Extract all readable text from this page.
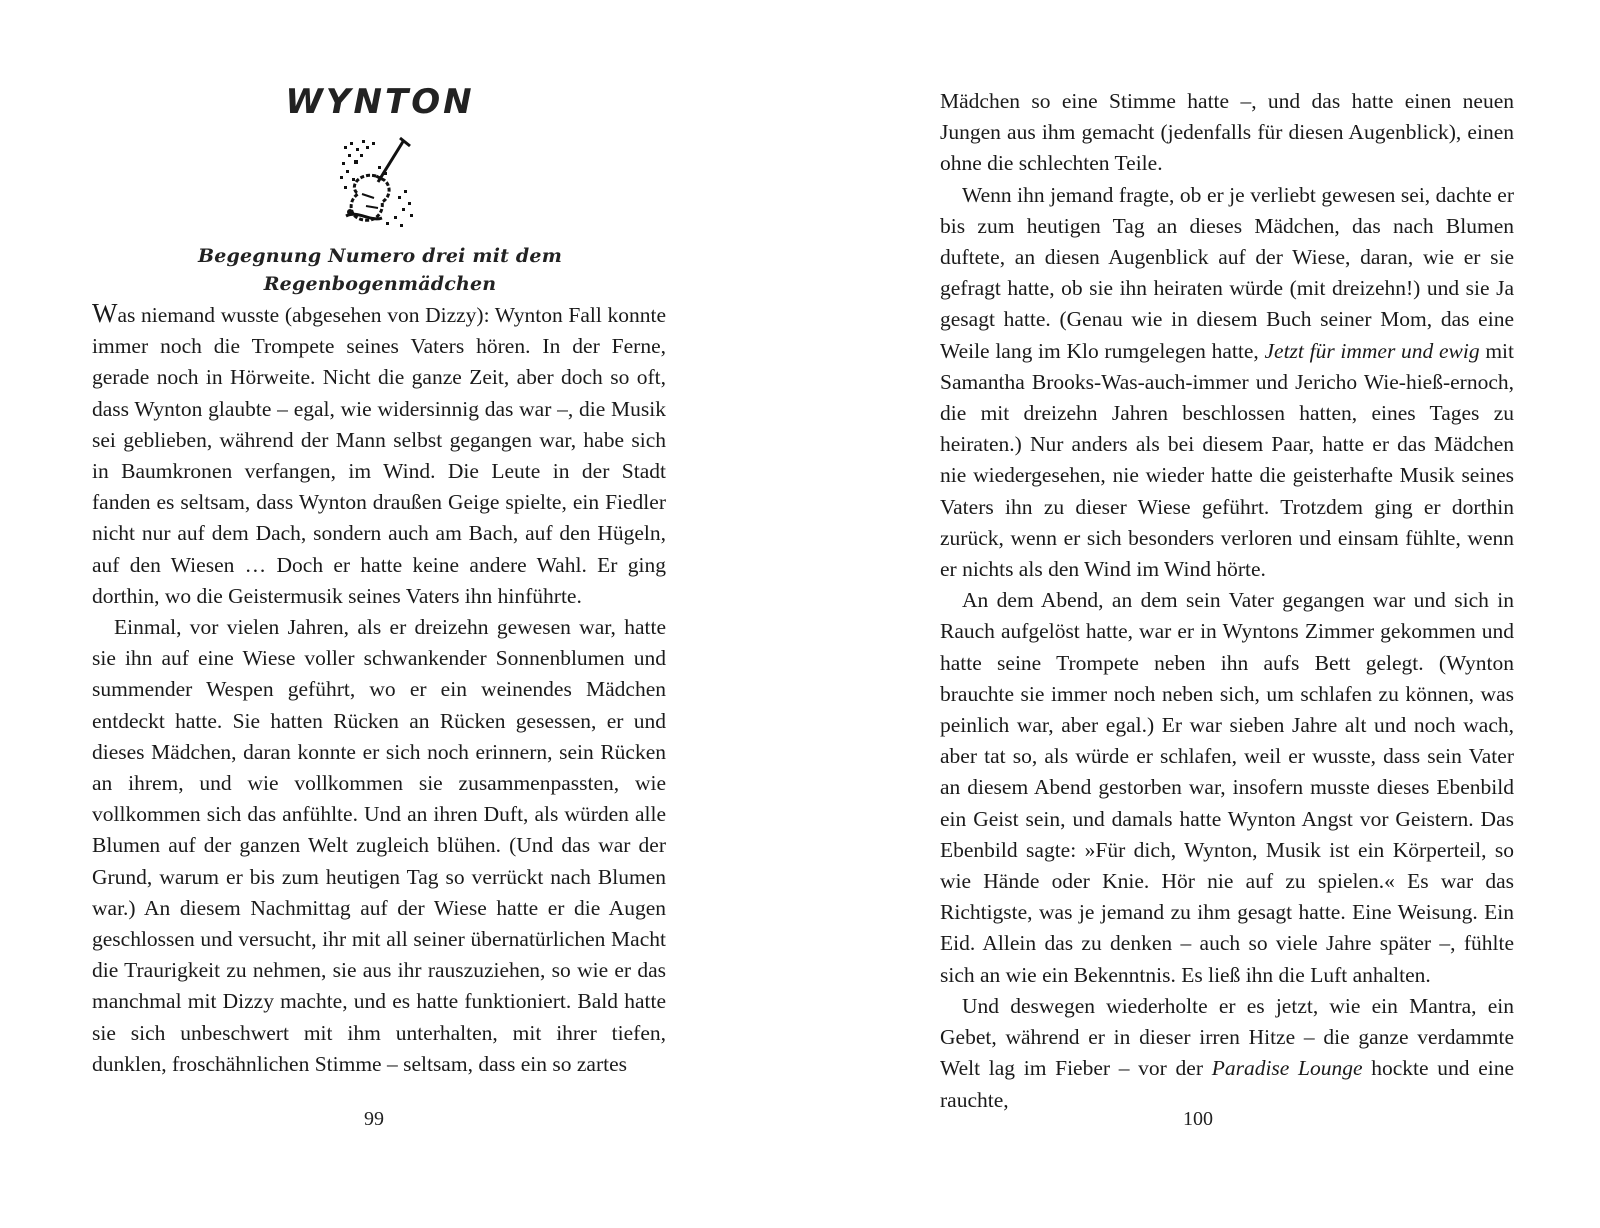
WYNTON
Begegnung Numero drei mit dem Regenbogenmädchen

Was niemand wusste (abgesehen von Dizzy): Wynton Fall konnte immer noch die Trompete seines Vaters hören. In der Ferne, gerade noch in Hörweite. Nicht die ganze Zeit, aber doch so oft, dass Wynton glaubte – egal, wie widersinnig das war –, die Musik sei geblieben, während der Mann selbst gegangen war, habe sich in Baumkronen verfangen, im Wind. Die Leute in der Stadt fanden es seltsam, dass Wynton draußen Geige spielte, ein Fiedler nicht nur auf dem Dach, sondern auch am Bach, auf den Hügeln, auf den Wiesen … Doch er hatte keine andere Wahl. Er ging dorthin, wo die Geistermusik seines Vaters ihn hinführte.

Einmal, vor vielen Jahren, als er dreizehn gewesen war, hatte sie ihn auf eine Wiese voller schwankender Sonnenblumen und summender Wespen geführt, wo er ein weinendes Mädchen entdeckt hatte. Sie hatten Rücken an Rücken gesessen, er und dieses Mädchen, daran konnte er sich noch erinnern, sein Rücken an ihrem, und wie vollkommen sie zusammenpassten, wie vollkommen sich das anfühlte. Und an ihren Duft, als würden alle Blumen auf der ganzen Welt zugleich blühen. (Und das war der Grund, warum er bis zum heutigen Tag so verrückt nach Blumen war.) An diesem Nachmittag auf der Wiese hatte er die Augen geschlossen und versucht, ihr mit all seiner übernatürlichen Macht die Traurigkeit zu nehmen, sie aus ihr rauszuziehen, so wie er das manchmal mit Dizzy machte, und es hatte funktioniert. Bald hatte sie sich unbeschwert mit ihm unterhalten, mit ihrer tiefen, dunklen, froschähnlichen Stimme – seltsam, dass ein so zartes

99

Mädchen so eine Stimme hatte –, und das hatte einen neuen Jungen aus ihm gemacht (jedenfalls für diesen Augenblick), einen ohne die schlechten Teile.

Wenn ihn jemand fragte, ob er je verliebt gewesen sei, dachte er bis zum heutigen Tag an dieses Mädchen, das nach Blumen duftete, an diesen Augenblick auf der Wiese, daran, wie er sie gefragt hatte, ob sie ihn heiraten würde (mit dreizehn!) und sie Ja gesagt hatte. (Genau wie in diesem Buch seiner Mom, das eine Weile lang im Klo rumgelegen hatte, Jetzt für immer und ewig mit Samantha Brooks-Was-auch-immer und Jericho Wie-hieß-ernoch, die mit dreizehn Jahren beschlossen hatten, eines Tages zu heiraten.) Nur anders als bei diesem Paar, hatte er das Mädchen nie wiedergesehen, nie wieder hatte die geisterhafte Musik seines Vaters ihn zu dieser Wiese geführt. Trotzdem ging er dorthin zurück, wenn er sich besonders verloren und einsam fühlte, wenn er nichts als den Wind im Wind hörte.

An dem Abend, an dem sein Vater gegangen war und sich in Rauch aufgelöst hatte, war er in Wyntons Zimmer gekommen und hatte seine Trompete neben ihn aufs Bett gelegt. (Wynton brauchte sie immer noch neben sich, um schlafen zu können, was peinlich war, aber egal.) Er war sieben Jahre alt und noch wach, aber tat so, als würde er schlafen, weil er wusste, dass sein Vater an diesem Abend gestorben war, insofern musste dieses Ebenbild ein Geist sein, und damals hatte Wynton Angst vor Geistern. Das Ebenbild sagte: »Für dich, Wynton, Musik ist ein Körperteil, so wie Hände oder Knie. Hör nie auf zu spielen.« Es war das Richtigste, was je jemand zu ihm gesagt hatte. Eine Weisung. Ein Eid. Allein das zu denken – auch so viele Jahre später –, fühlte sich an wie ein Bekenntnis. Es ließ ihn die Luft anhalten.

Und deswegen wiederholte er es jetzt, wie ein Mantra, ein Gebet, während er in dieser irren Hitze – die ganze verdammte Welt lag im Fieber – vor der Paradise Lounge hockte und eine rauchte,

100
